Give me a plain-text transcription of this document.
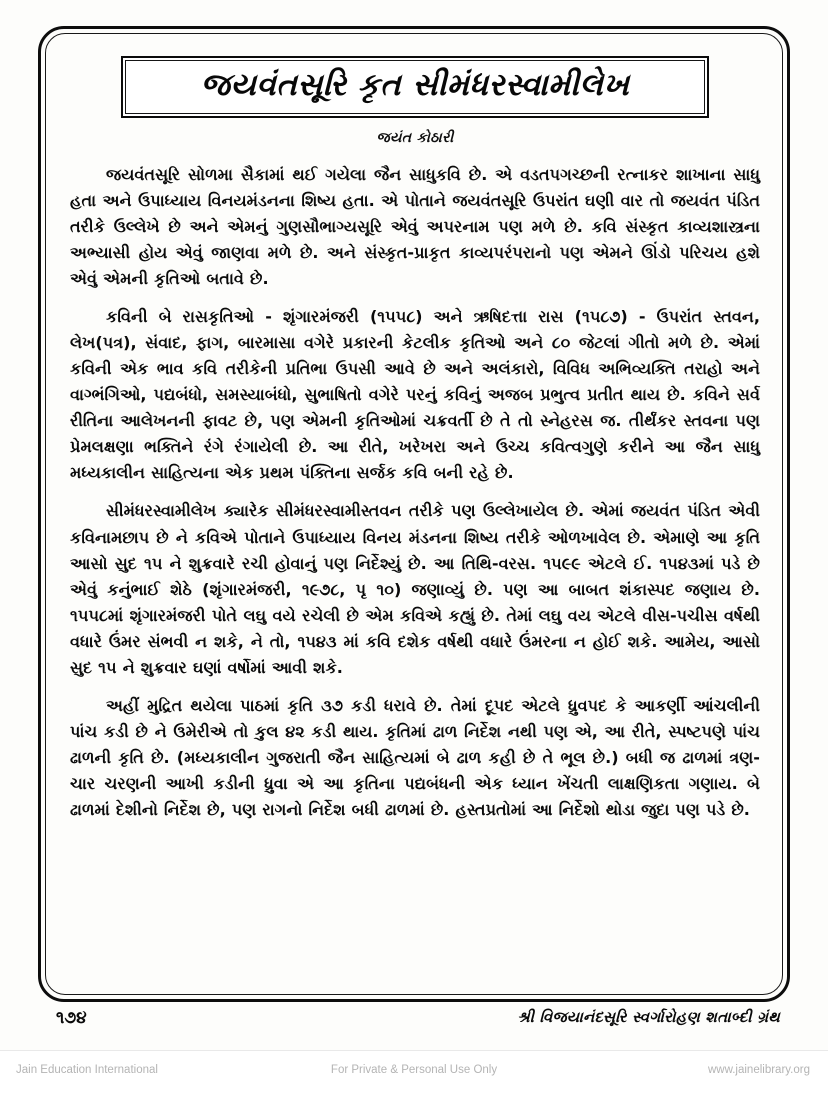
જયવંતસૂરિ કૃત સીમંધરસ્વામીલેખ
જયંત કોઠારી

જયવંતસૂરિ સોળમા સૈકામાં થઈ ગયેલા જૈન સાધુકવિ છે. એ વડતપગચ્છની રત્નાકર શાખાના સાધુ હતા અને ઉપાધ્યાય વિનયમંડનના શિષ્ય હતા. એ પોતાને જયવંતસૂરિ ઉપરાંત ઘણી વાર તો જયવંત પંડિત તરીકે ઉલ્લેખે છે અને એમનું ગુણસૌભાગ્યસૂરિ એવું અપરનામ પણ મળે છે. કવિ સંસ્કૃત કાવ્યશાસ્ત્રના અભ્યાસી હોય એવું જાણવા મળે છે. અને સંસ્કૃત-પ્રાકૃત કાવ્યપરંપરાનો પણ એમને ઊંડો પરિચય હશે એવું એમની કૃતિઓ બતાવે છે.

કવિની બે રાસકૃતિઓ - શૃંગારમંજરી (૧૫૫૮) અને ઋષિદત્તા રાસ (૧૫૮૭) - ઉપરાંત સ્તવન, લેખ(પત્ર), સંવાદ, ફાગ, બારમાસા વગેરે પ્રકારની કેટલીક કૃતિઓ અને ૮૦ જેટલાં ગીતો મળે છે. એમાં કવિની એક ભાવ કવિ તરીકેની પ્રતિભા ઉપસી આવે છે અને અલંકારો, વિવિધ અભિવ્યક્તિ તરાહો અને વાગ્ભંગિઓ, પદ્યબંધો, સમસ્યાબંધો, સુભાષિતો વગેરે પરનું કવિનું અજબ પ્રભુત્વ પ્રતીત થાય છે. કવિને સર્વ રીતિના આલેખનની ફાવટ છે, પણ એમની કૃતિઓમાં ચક્રવર્તી છે તે તો સ્નેહરસ જ. તીર્થંકર સ્તવના પણ પ્રેમલક્ષણા ભક્તિને રંગે રંગાયેલી છે. આ રીતે, ખરેખરા અને ઉચ્ચ કવિત્વગુણે કરીને આ જૈન સાધુ મધ્યકાલીન સાહિત્યના એક પ્રથમ પંક્તિના સર્જક કવિ બની રહે છે.

સીમંધરસ્વામીલેખ ક્યારેક સીમંધરસ્વામીસ્તવન તરીકે પણ ઉલ્લેખાયેલ છે. એમાં જયવંત પંડિત એવી કવિનામછાપ છે ને કવિએ પોતાને ઉપાધ્યાય વિનય મંડનના શિષ્ય તરીકે ઓળખાવેલ છે. એમાણે આ કૃતિ આસો સુદ ૧૫ ને શુક્રવારે રચી હોવાનું પણ નિર્દેશ્યું છે. આ તિથિ-વરસ. ૧૫૯૯ એટલે ઈ. ૧૫૪૩માં પડે છે એવું કનુંભાઈ શેઠે (શૃંગારમંજરી, ૧૯૭૮, પૃ ૧૦) જણાવ્યું છે. પણ આ બાબત શંકાસ્પદ જણાય છે. ૧૫૫૮માં શૃંગારમંજરી પોતે લઘુ વયે રચેલી છે એમ કવિએ કહ્યું છે. તેમાં લઘુ વય એટલે વીસ-પચીસ વર્ષથી વધારે ઉંમર સંભવી ન શકે, ને તો, ૧૫૪૩ માં કવિ દશેક વર્ષથી વધારે ઉંમરના ન હોઈ શકે. આમેય, આસો સુદ ૧૫ ને શુક્રવાર ઘણાં વર્ષોમાં આવી શકે.

અહીં મુદ્રિત થયેલા પાઠમાં કૃતિ ૩૭ કડી ધરાવે છે. તેમાં દૂપદ એટલે ધ્રુવપદ કે આકર્ણી આંચલીની પાંચ કડી છે ને ઉમેરીએ તો કુલ ૪૨ કડી થાય. કૃતિમાં ઢાળ નિર્દેશ નથી પણ એ, આ રીતે, સ્પષ્ટપણે પાંચ ઢાળની કૃતિ છે. (મધ્યકાલીન ગુજરાતી જૈન સાહિત્યમાં બે ઢાળ કહી છે તે ભૂલ છે.) બધી જ ઢાળમાં ત્રણ-ચાર ચરણની આખી કડીની ધ્રુવા એ આ કૃતિના પદ્યબંધની એક ધ્યાન ખેંચતી લાક્ષણિકતા ગણાય. બે ઢાળમાં દેશીનો નિર્દેશ છે, પણ રાગનો નિર્દેશ બધી ઢાળમાં છે. હસ્તપ્રતોમાં આ નિર્દેશો થોડા જુદા પણ પડે છે.

૧૭૪	શ્રી વિજયાનંદસૂરિ સ્વર્ગારોહણ શતાબ્દી ગ્રંથ
Jain Education International	For Private & Personal Use Only	www.jainelibrary.org
